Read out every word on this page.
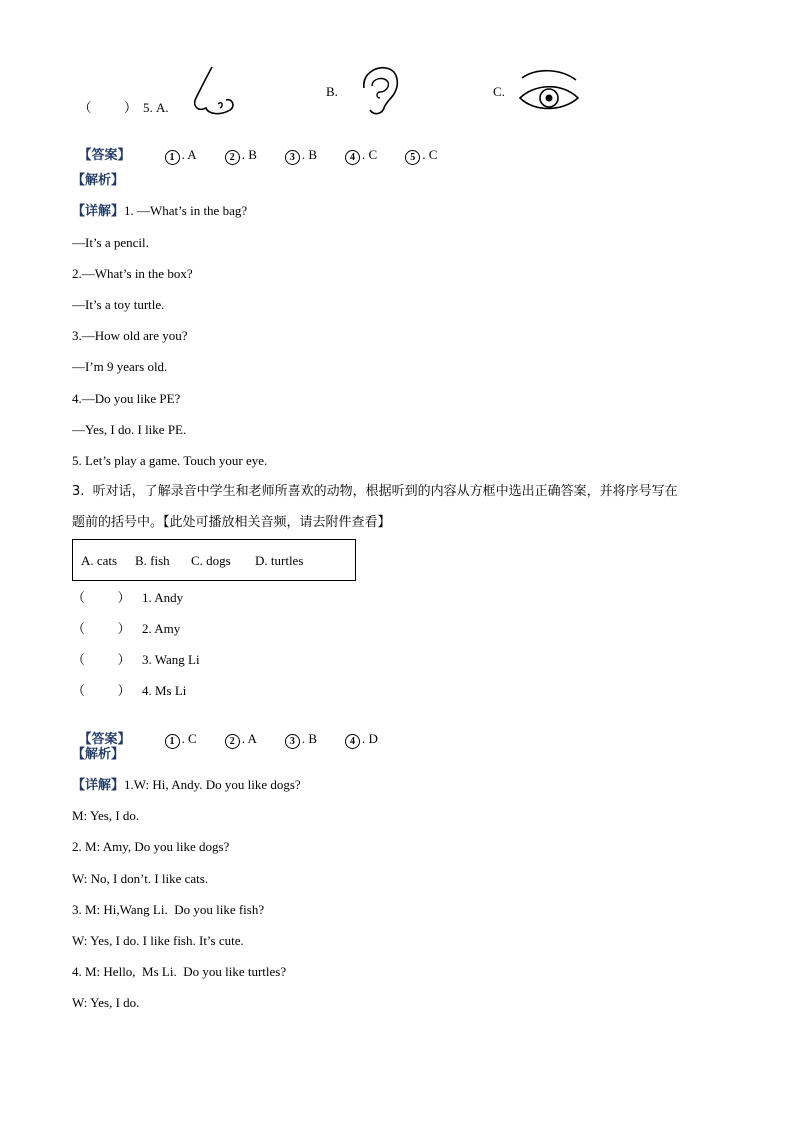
（          ） 5. A.

B.	C.

【答案】	1 . A	2 . B	3 . B	4 . C	5 . C

【解析】
【详解】1. —What’s in the bag?
—It’s a pencil.
2.—What’s in the box?
—It’s a toy turtle.
3.—How old are you?
—I’m 9 years old.
4.—Do you like PE?
—Yes, I do. I like PE.
5. Let’s play a game. Touch your eye.
3.  听对话，了解录音中学生和老师所喜欢的动物，根据听到的内容从方框中选出正确答案，并将序号写在
题前的括号中。【此处可播放相关音频，请去附件查看】
A. cats B. fish C. dogs D. turtles
（          ） 1. Andy
（          ） 2. Amy
（          ） 3. Wang Li
（          ） 4. Ms Li

【答案】	1 . C	2 . A	3 . B	4 . D

【解析】
【详解】1.W: Hi, Andy. Do you like dogs?
M: Yes, I do.
2. M: Amy, Do you like dogs?
W: No, I don’t. I like cats.
3. M: Hi,Wang Li.  Do you like fish?
W: Yes, I do. I like fish. It’s cute.
4. M: Hello,  Ms Li.  Do you like turtles?
W: Yes, I do.
